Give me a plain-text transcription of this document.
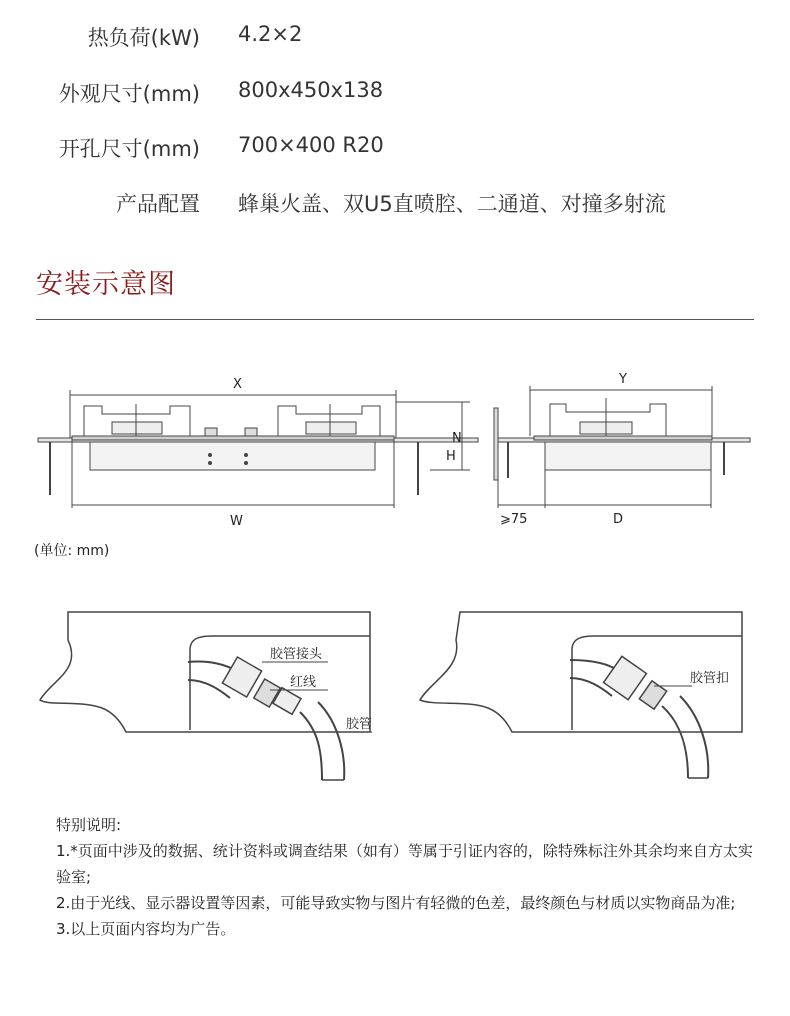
热负荷(kW) 4.2×2
外观尺寸(mm) 800x450x138
开孔尺寸(mm) 700×400 R20
产品配置 蜂巢火盖、双U5直喷腔、二通道、对撞多射流
安装示意图
X
W
H
N
Y
D
⩾75
胶管接头
红线
胶管
胶管扣
(单位: mm)

特别说明:

1.*页面中涉及的数据、统计资料或调查结果（如有）等属于引证内容的，除特殊标注外其余均来自方太实验室;

2.由于光线、显示器设置等因素，可能导致实物与图片有轻微的色差，最终颜色与材质以实物商品为准;

3.以上页面内容均为广告。
